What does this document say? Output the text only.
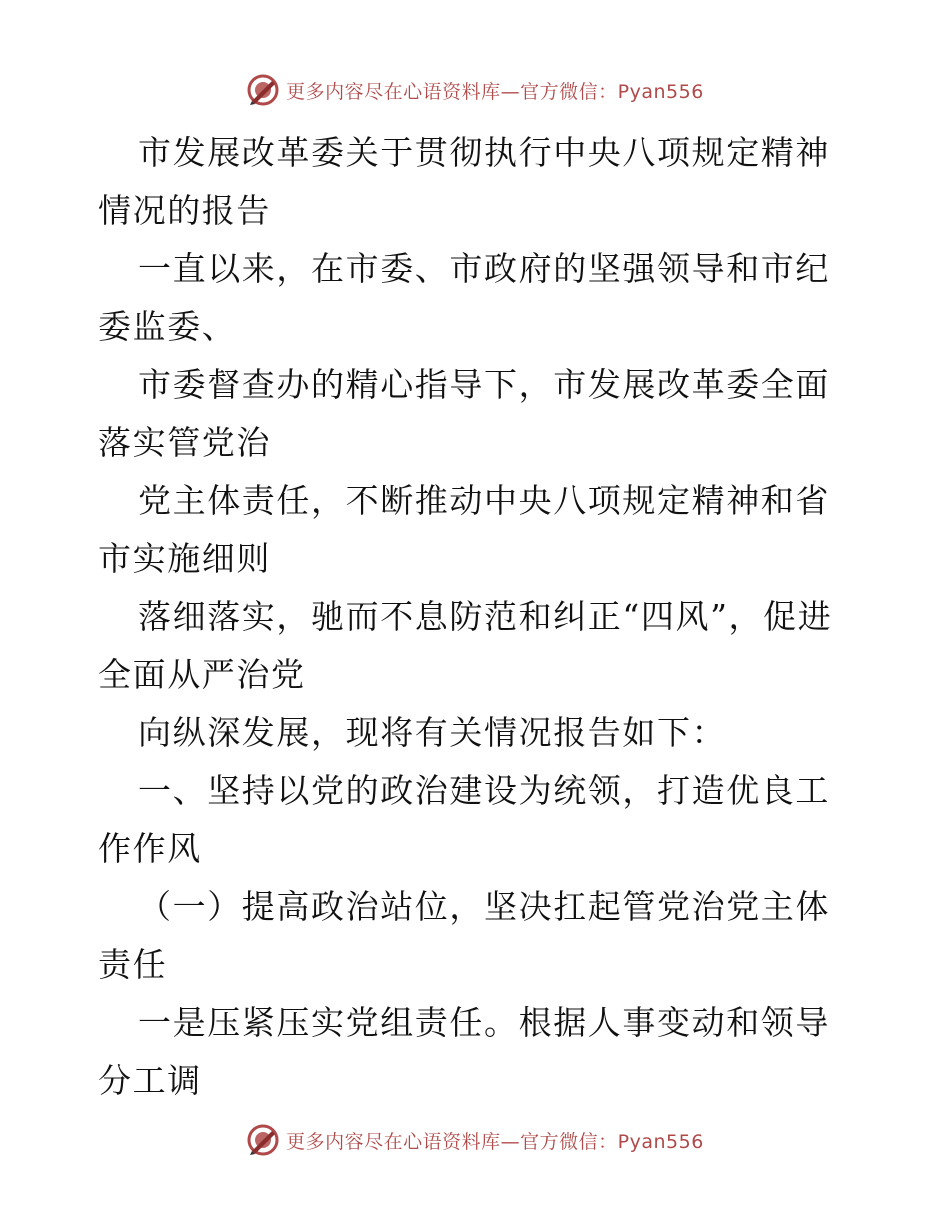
更多内容尽在心语资料库—官方微信：Pyan556

市发展改革委关于贯彻执行中央八项规定精神情况的报告

一直以来，在市委、市政府的坚强领导和市纪委监委、

市委督查办的精心指导下，市发展改革委全面落实管党治

党主体责任，不断推动中央八项规定精神和省市实施细则

落细落实，驰而不息防范和纠正“四风”，促进全面从严治党

向纵深发展，现将有关情况报告如下：

一、坚持以党的政治建设为统领，打造优良工作作风

（一）提高政治站位，坚决扛起管党治党主体责任

一是压紧压实党组责任。根据人事变动和领导分工调

更多内容尽在心语资料库—官方微信：Pyan556
